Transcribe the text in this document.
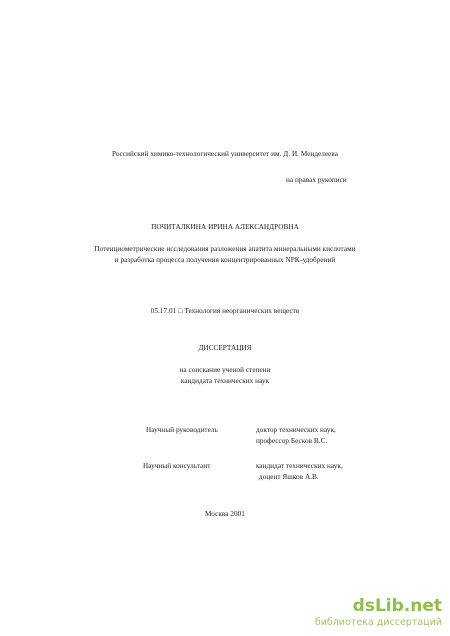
Российский химико-технологический университет им. Д. И. Менделеева
на правах рукописи
ПОЧИТАЛКИНА ИРИНА АЛЕКСАНДРОВНА
Потенциометрические исследования разложения апатита минеральными кислотами
и разработка процесса получения концентрированных NPK-удобрений
05.17.01 □ Технология неорганических веществ
ДИССЕРТАЦИЯ
на соискание ученой степени
кандидата технических наук
Научный руководитель	доктор технических наук,
профессор Бесков В.С.
Научный консультант	кандидат технических наук,
доцент Яшков А.В.
Москва 2001
dsLib.net
библиотека диссертаций
